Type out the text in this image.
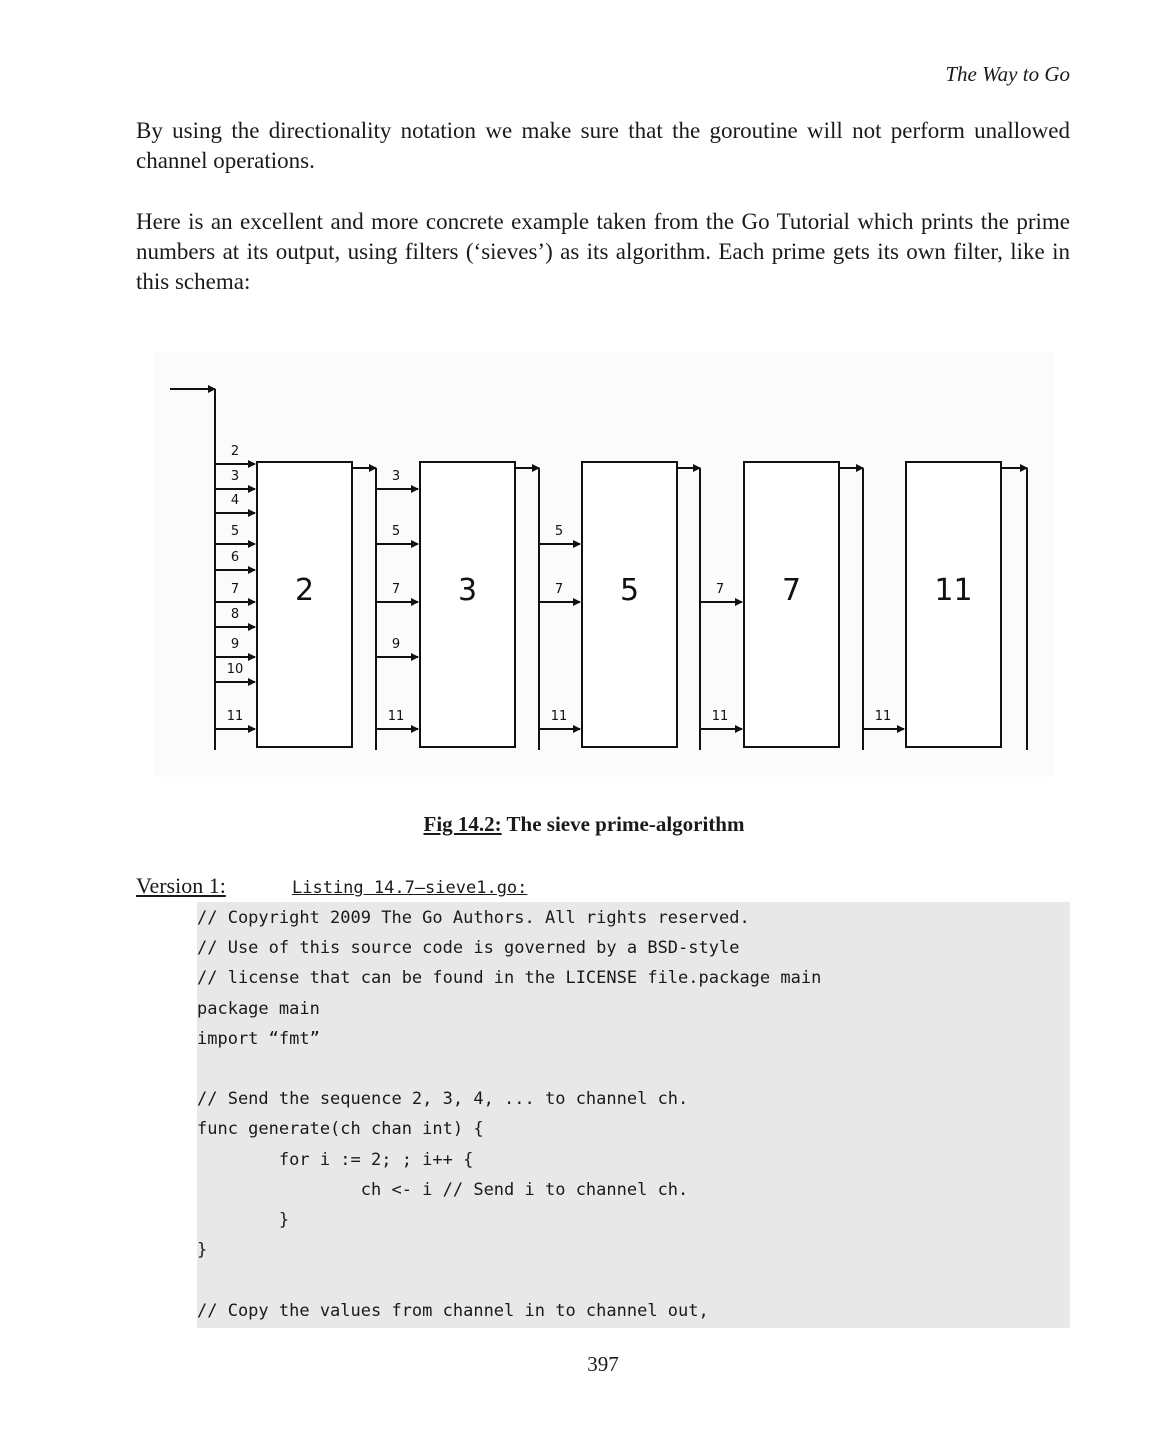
The Way to Go

By using the directionality notation we make sure that the goroutine will not perform unallowed channel operations.

Here is an excellent and more concrete example taken from the Go Tutorial which prints the prime numbers at its output, using filters (‘sieves’) as its algorithm. Each prime gets its own filter, like in this schema:

2
2
3
4
5
6
7
8
9
10
11
3
3
5
7
9
11
5
5
7
11
7
7
11
11
11
Fig 14.2: The sieve prime-algorithm
Version 1:	Listing 14.7—sieve1.go:
// Copyright 2009 The Go Authors. All rights reserved.
// Use of this source code is governed by a BSD-style
// license that can be found in the LICENSE file.package main
package main
import “fmt”
// Send the sequence 2, 3, 4, ... to channel ch.
func generate(ch chan int) {
for i := 2; ; i++ {
ch <- i // Send i to channel ch.
}
}
// Copy the values from channel in to channel out,
397
